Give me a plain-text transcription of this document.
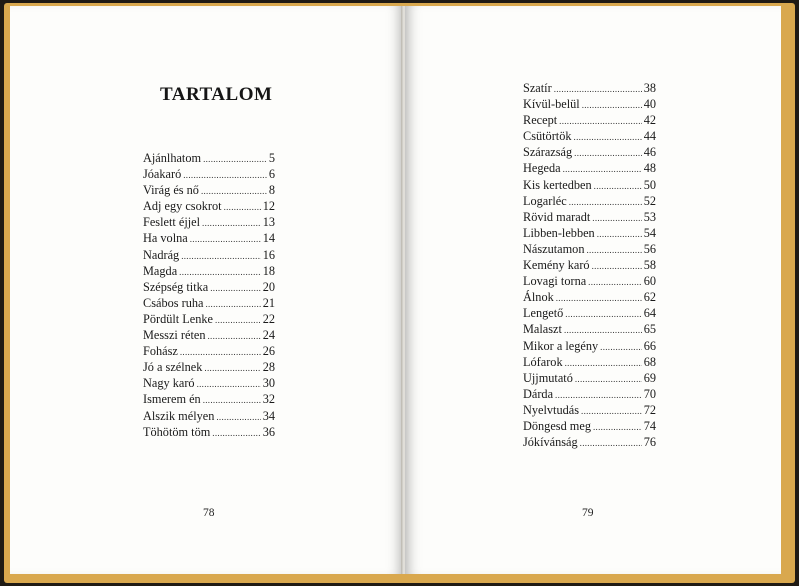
TARTALOM
Ajánlhatom .....	5
Jóakaró .....	6
Virág és nő .....	8
Adj egy csokrot .....	12
Feslett éjjel .....	13
Ha volna .....	14
Nadrág .....	16
Magda .....	18
Szépség titka .....	20
Csábos ruha .....	21
Pördült Lenke .....	22
Messzi réten .....	24
Fohász .....	26
Jó a szélnek .....	28
Nagy karó .....	30
Ismerem én .....	32
Alszik mélyen .....	34
Töhötöm töm .....	36
Szatír .....	38
Kívül-belül .....	40
Recept .....	42
Csütörtök .....	44
Szárazság .....	46
Hegeda .....	48
Kis kertedben .....	50
Logarléc .....	52
Rövid maradt .....	53
Libben-lebben .....	54
Nászutamon .....	56
Kemény karó .....	58
Lovagi torna .....	60
Álnok .....	62
Lengető .....	64
Malaszt .....	65
Mikor a legény .....	66
Lófarok .....	68
Ujjmutató .....	69
Dárda .....	70
Nyelvtudás .....	72
Döngesd meg .....	74
Jókívánság .....	76
78	79
